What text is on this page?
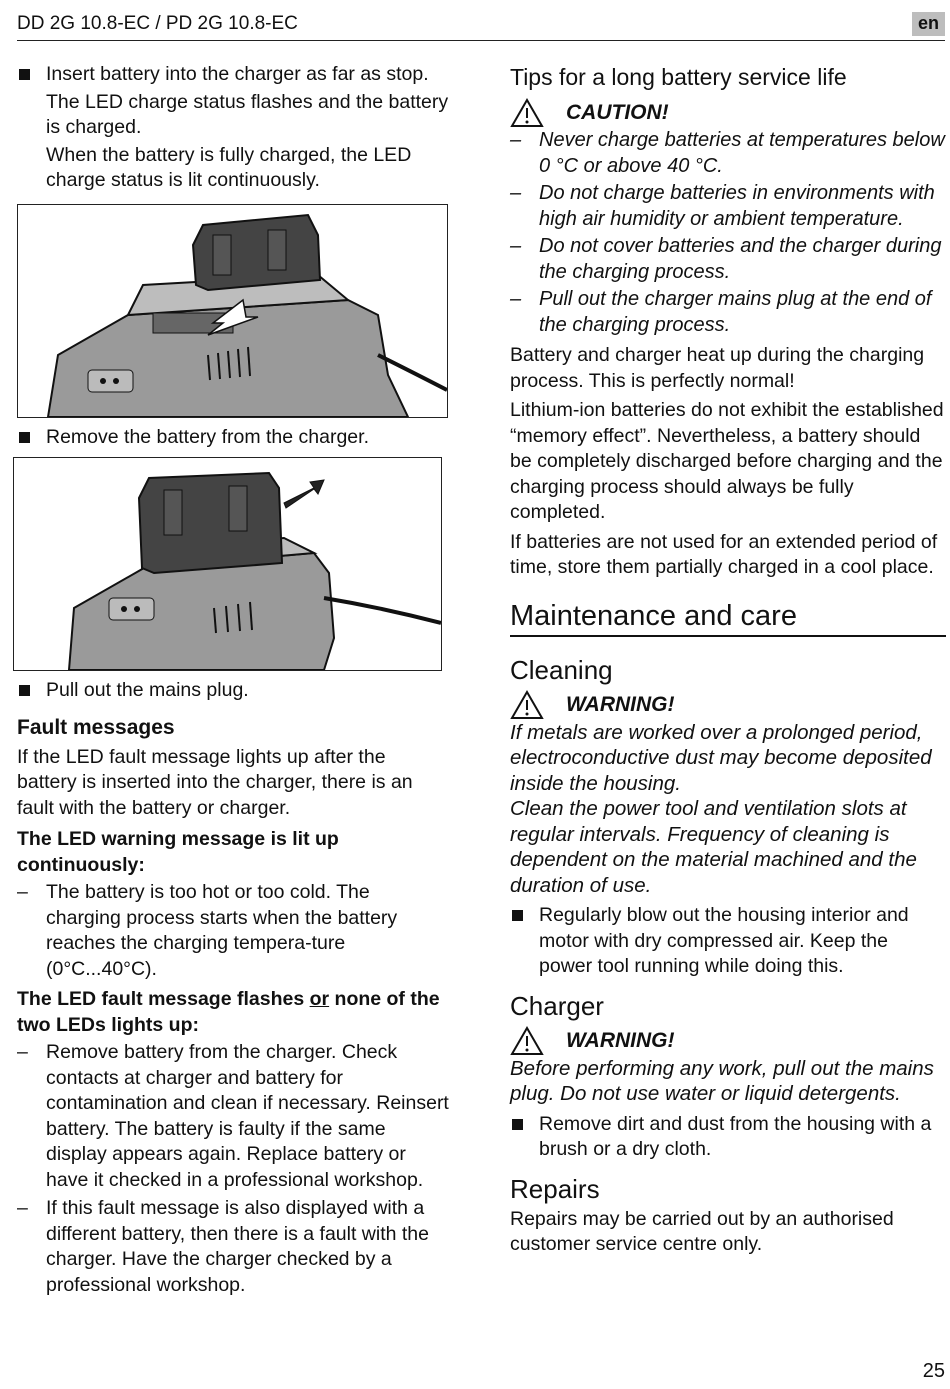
DD 2G 10.8-EC / PD 2G 10.8-EC	en
Insert battery into the charger as far as stop.
The LED charge status flashes and the battery is charged.
When the battery is fully charged, the LED charge status is lit continuously.
Remove the battery from the charger.
Pull out the mains plug.
Fault messages

If the LED fault message lights up after the battery is inserted into the charger, there is an fault with the battery or charger.

The LED warning message is lit up continuously:

– The battery is too hot or too cold. The charging process starts when the battery reaches the charging tempera-ture (0°C...40°C).

The LED fault message flashes or none of the two LEDs lights up:

– Remove battery from the charger. Check contacts at charger and battery for contamination and clean if necessary. Reinsert battery. The battery is faulty if the same display appears again. Replace battery or have it checked in a professional workshop.
– If this fault message is also displayed with a different battery, then there is a fault with the charger. Have the charger checked by a professional workshop.
Tips for a long battery service life
CAUTION!
– Never charge batteries at temperatures below 0 °C or above 40 °C.
– Do not charge batteries in environments with high air humidity or ambient temperature.
– Do not cover batteries and the charger during the charging process.
– Pull out the charger mains plug at the end of the charging process.

Battery and charger heat up during the charging process. This is perfectly normal!

Lithium-ion batteries do not exhibit the established “memory effect”. Nevertheless, a battery should be completely discharged before charging and the charging process should always be fully completed.

If batteries are not used for an extended period of time, store them partially charged in a cool place.

Maintenance and care
Cleaning
WARNING!

If metals are worked over a prolonged period, electroconductive dust may become deposited inside the housing.

Clean the power tool and ventilation slots at regular intervals. Frequency of cleaning is dependent on the material machined and the duration of use.

Regularly blow out the housing interior and motor with dry compressed air. Keep the power tool running while doing this.
Charger
WARNING!

Before performing any work, pull out the mains plug. Do not use water or liquid detergents.

Remove dirt and dust from the housing with a brush or a dry cloth.
Repairs

Repairs may be carried out by an authorised customer service centre only.

25
